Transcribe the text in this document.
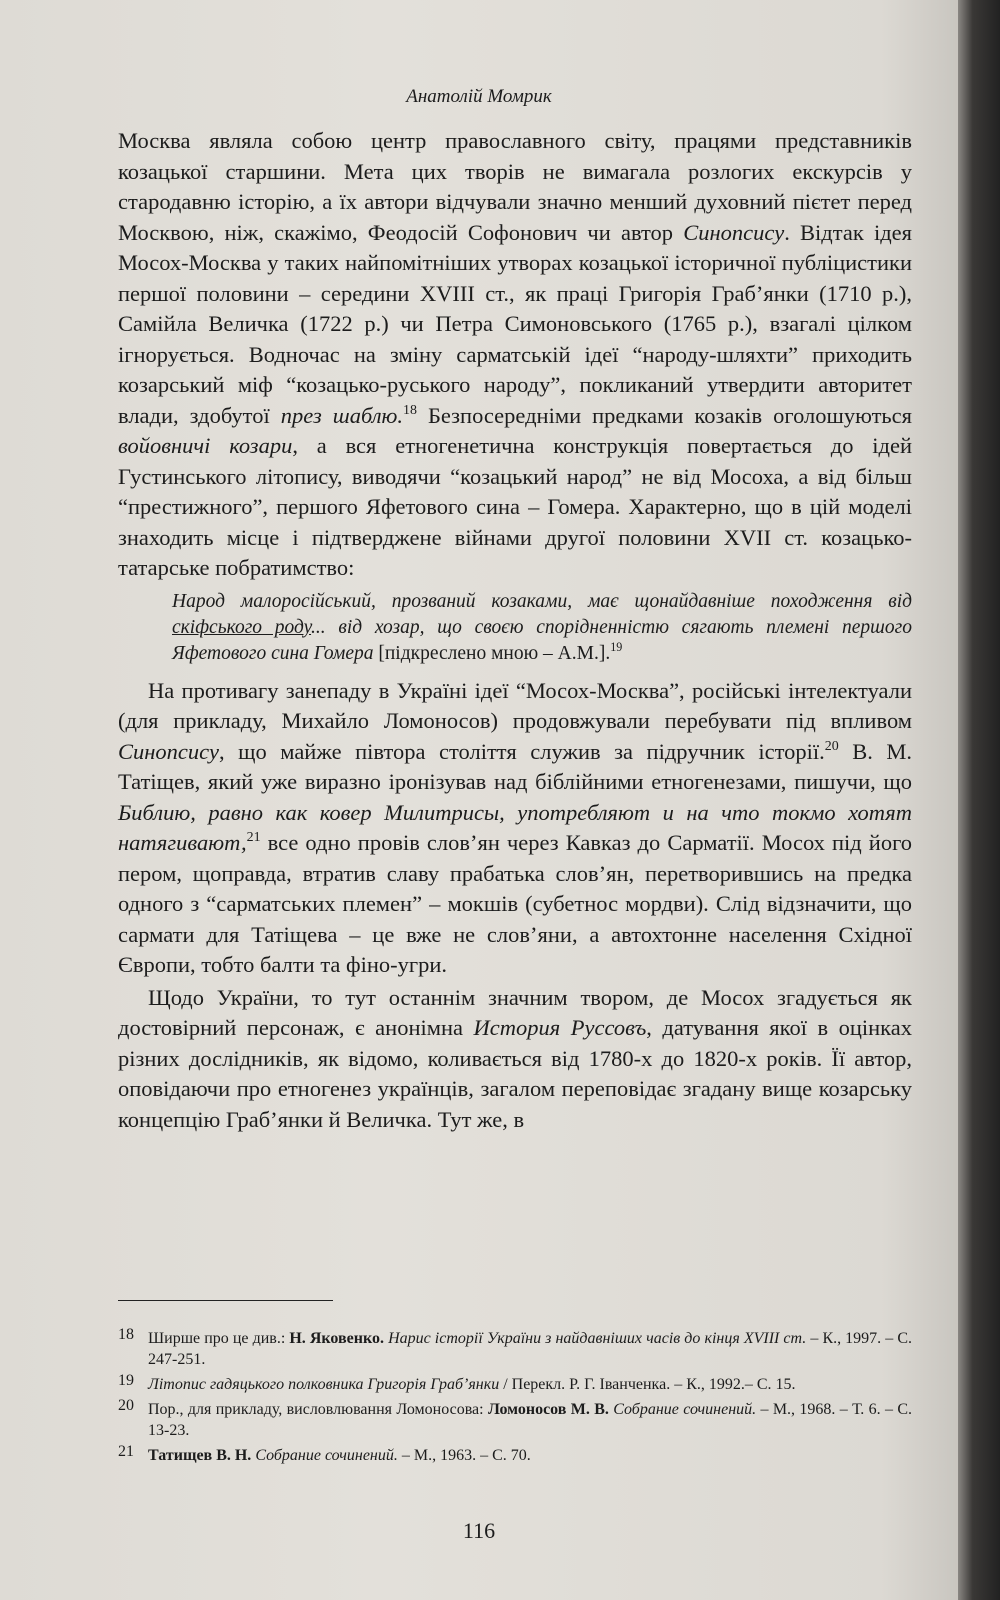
Анатолій Момрик

Москва являла собою центр православного світу, працями представників козацької старшини. Мета цих творів не вимагала розлогих екскурсів у стародавню історію, а їх автори відчували значно менший духовний пієтет перед Москвою, ніж, скажімо, Феодосій Софонович чи автор Синопсису. Відтак ідея Мосох-Москва у таких найпомітніших утворах козацької історичної публіцистики першої половини – середини XVIII ст., як праці Григорія Граб’янки (1710 р.), Самійла Величка (1722 р.) чи Петра Симоновського (1765 р.), взагалі цілком ігнорується. Водночас на зміну сарматській ідеї “народу-шляхти” приходить козарський міф “козацько-руського народу”, покликаний утвердити авторитет влади, здобутої през шаблю.$^{18}$ Безпосередніми предками козаків оголошуються войовничі козари, а вся етногенетична конструкція повертається до ідей Густинського літопису, виводячи “козацький народ” не від Мосоха, а від більш “престижного”, першого Яфетового сина – Гомера. Характерно, що в цій моделі знаходить місце і підтверджене війнами другої половини XVII ст. козацько-татарське побратимство:

Народ малоросійський, прозваний козаками, має щонайдавніше походження від скіфського роду... від хозар, що своєю спорідненністю сягають племені першого Яфетового сина Гомера [підкреслено мною – А.М.].$^{19}$

На противагу занепаду в Україні ідеї “Мосох-Москва”, російські інтелектуали (для прикладу, Михайло Ломоносов) продовжували перебувати під впливом Синопсису, що майже півтора століття служив за підручник історії.$^{20}$ В. М. Татіщев, який уже виразно іронізував над біблійними етногенезами, пишучи, що Библию, равно как ковер Милитрисы, употребляют и на что токмо хотят натягивают,$^{21}$ все одно провів слов’ян через Кавказ до Сарматії. Мосох під його пером, щоправда, втратив славу прабатька слов’ян, перетворившись на предка одного з “сарматських племен” – мокшів (субетнос мордви). Слід відзначити, що сармати для Татіщева – це вже не слов’яни, а автохтонне населення Східної Європи, тобто балти та фіно-угри.

Щодо України, то тут останнім значним твором, де Мосох згадується як достовірний персонаж, є анонімна История Руссовъ, датування якої в оцінках різних дослідників, як відомо, коливається від 1780-х до 1820-х років. Її автор, оповідаючи про етногенез українців, загалом переповідає згадану вище козарську концепцію Граб’янки й Величка. Тут же, в

18 Ширше про це див.: Н. Яковенко. Нарис історії України з найдавніших часів до кінця XVIII ст. – К., 1997. – С. 247-251.
19 Літопис гадяцького полковника Григорія Граб’янки / Перекл. Р. Г. Іванченка. – К., 1992.– С. 15.
20 Пор., для прикладу, висловлювання Ломоносова: Ломоносов М. В. Собрание сочинений. – М., 1968. – Т. 6. – С. 13-23.
21 Татищев В. Н. Собрание сочинений. – М., 1963. – С. 70.
116
